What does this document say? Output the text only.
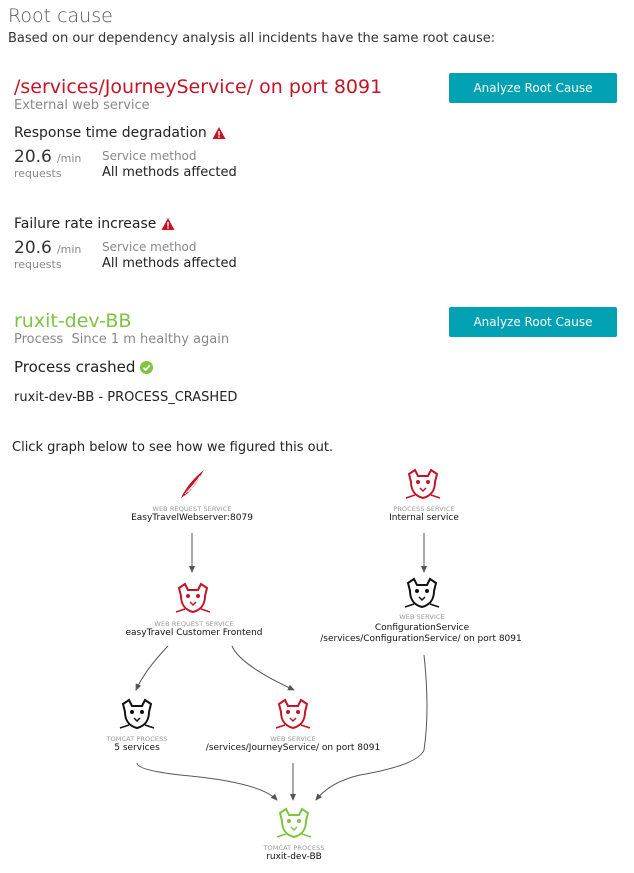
Root cause
Based on our dependency analysis all incidents have the same root cause:
/services/JourneyService/ on port 8091
External web service
Analyze Root Cause
Response time degradation
20.6 /min
requests
Service method
All methods affected
Failure rate increase
20.6 /min
requests
Service method
All methods affected
ruxit-dev-BB
Process Since 1 m healthy again
Analyze Root Cause
Process crashed
ruxit-dev-BB - PROCESS_CRASHED
Click graph below to see how we figured this out.
WEB REQUEST SERVICE
EasyTravelWebserver:8079
PROCESS SERVICE
Internal service
WEB REQUEST SERVICE
easyTravel Customer Frontend
WEB SERVICE
ConfigurationService
/services/ConfigurationService/ on port 8091
TOMCAT PROCESS
5 services
WEB SERVICE
/services/JourneyService/ on port 8091
TOMCAT PROCESS
ruxit-dev-BB
